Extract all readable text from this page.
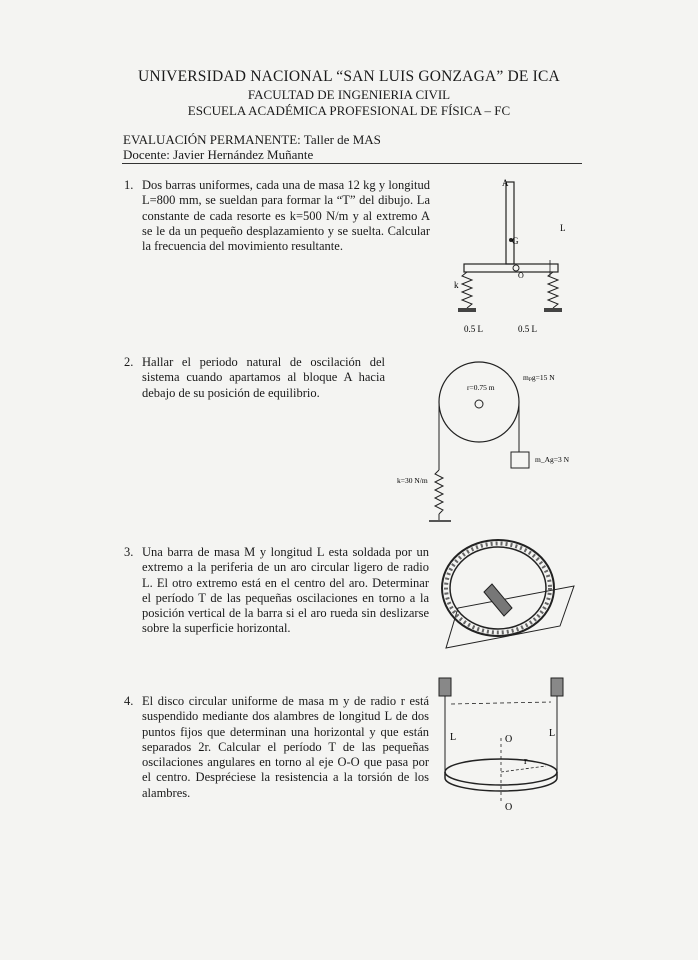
UNIVERSIDAD NACIONAL “SAN LUIS GONZAGA” DE ICA
FACULTAD DE INGENIERIA CIVIL
ESCUELA ACADÉMICA PROFESIONAL DE FÍSICA – FC
EVALUACIÓN PERMANENTE: Taller de MAS
Docente: Javier Hernández Muñante
1. Dos barras uniformes, cada una de masa 12 kg y longitud L=800 mm, se sueldan para formar la “T” del dibujo. La constante de cada resorte es k=500 N/m y al extremo A se le da un pequeño desplazamiento y se suelta. Calcular la frecuencia del movimiento resultante.
A
G
L
O
k
0.5 L	0.5 L
2. Hallar el periodo natural de oscilación del sistema cuando apartamos al bloque A hacia debajo de su posición de equilibrio.	r=0.75 m
mₚg=15 N
m_Ag=3 N
k=30 N/m
3. Una barra de masa M y longitud L esta soldada por un extremo a la periferia de un aro circular ligero de radio L. El otro extremo está en el centro del aro. Determinar el período T de las pequeñas oscilaciones en torno a la posición vertical de la barra si el aro rueda sin deslizarse sobre la superficie horizontal.
4. El disco circular uniforme de masa m y de radio r está suspendido mediante dos alambres de longitud L de dos puntos fijos que determinan una horizontal y que están separados 2r. Calcular el período T de las pequeñas oscilaciones angulares en torno al eje O-O que pasa por el centro. Despréciese la resistencia a la torsión de los alambres.
L	L
O
O
r
